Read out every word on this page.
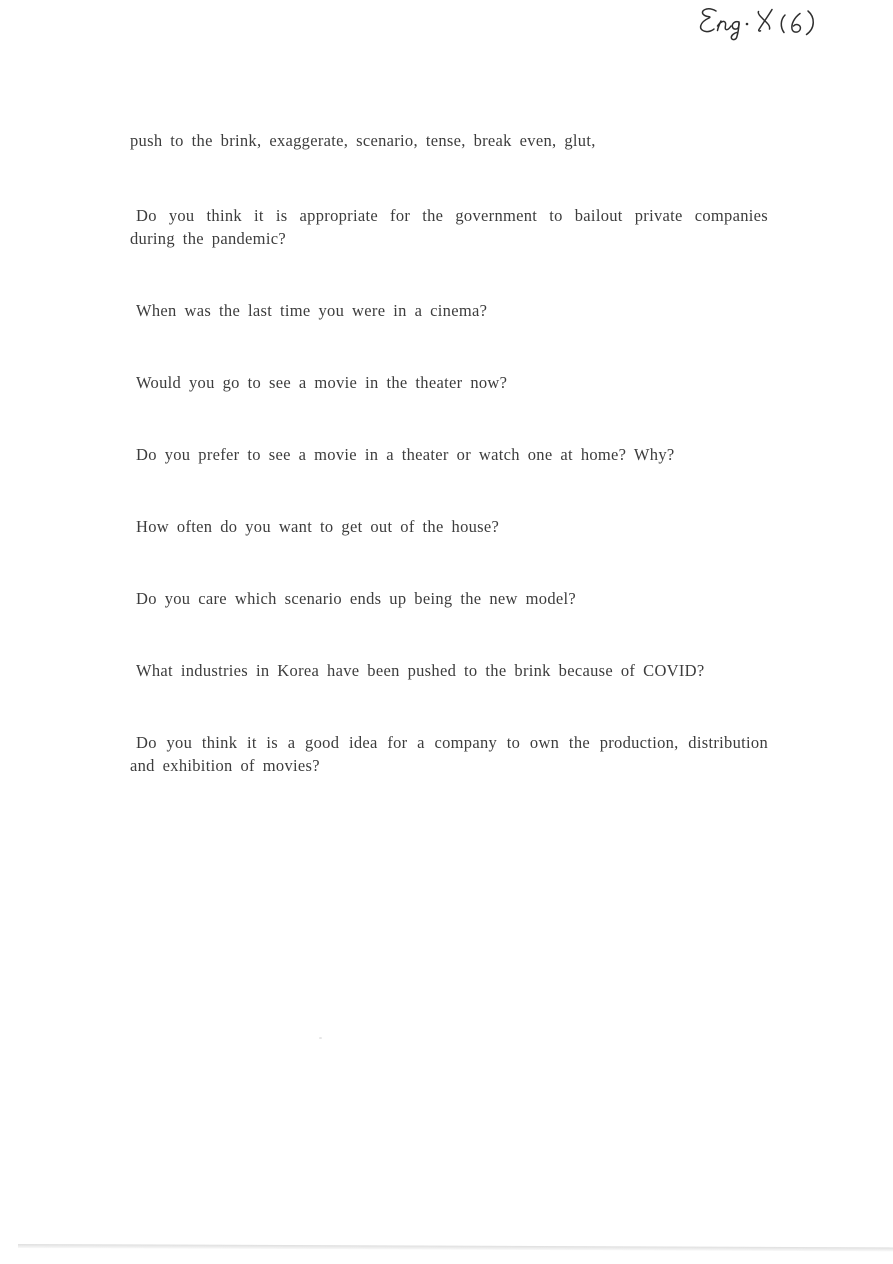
push to the brink, exaggerate, scenario, tense, break even, glut,

Do you think it is appropriate for the government to bailout private companies during the pandemic?

When was the last time you were in a cinema?

Would you go to see a movie in the theater now?

Do you prefer to see a movie in a theater or watch one at home? Why?

How often do you want to get out of the house?

Do you care which scenario ends up being the new model?

What industries in Korea have been pushed to the brink because of COVID?

Do you think it is a good idea for a company to own the production, distribution and exhibition of movies?
